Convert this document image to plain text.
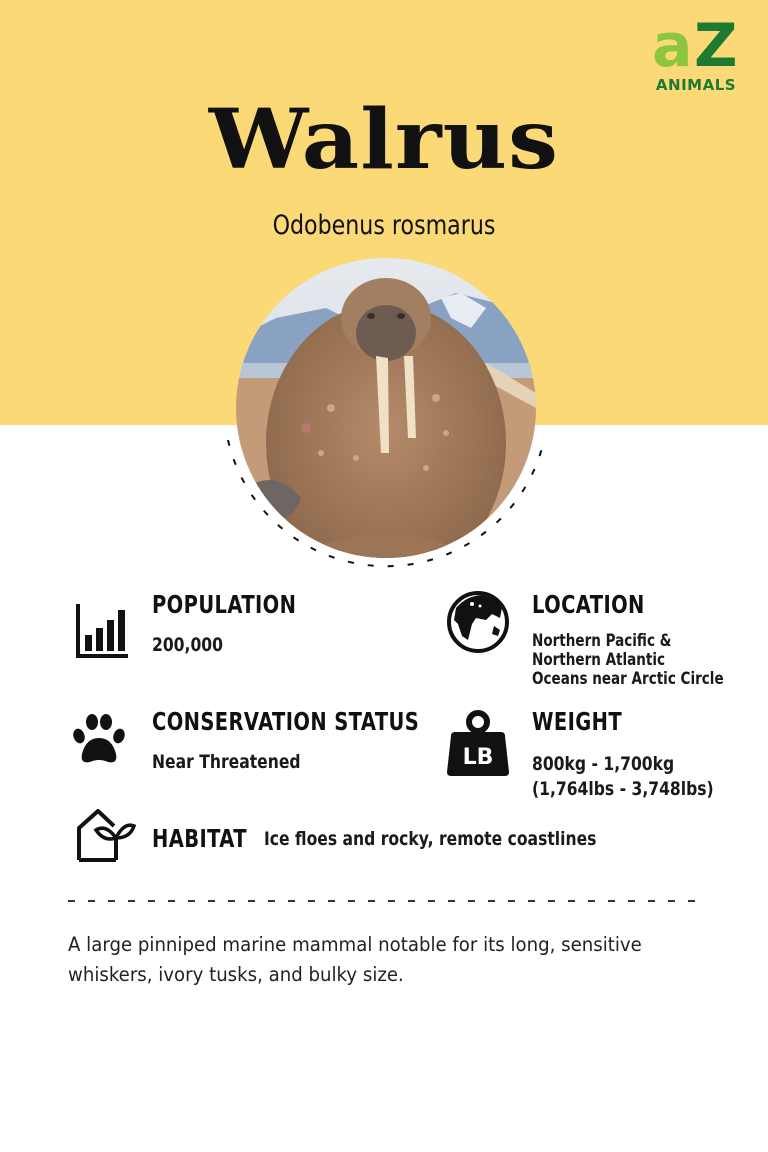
a Z
ANIMALS
Walrus
Odobenus rosmarus
POPULATION
200,000
LOCATION
Northern Pacific &
Northern Atlantic
Oceans near Arctic Circle
CONSERVATION STATUS
Near Threatened	LB
WEIGHT
800kg - 1,700kg
(1,764lbs - 3,748lbs)
HABITAT Ice floes and rocky, remote coastlines
A large pinniped marine mammal notable for its long, sensitive whiskers, ivory tusks, and bulky size.
